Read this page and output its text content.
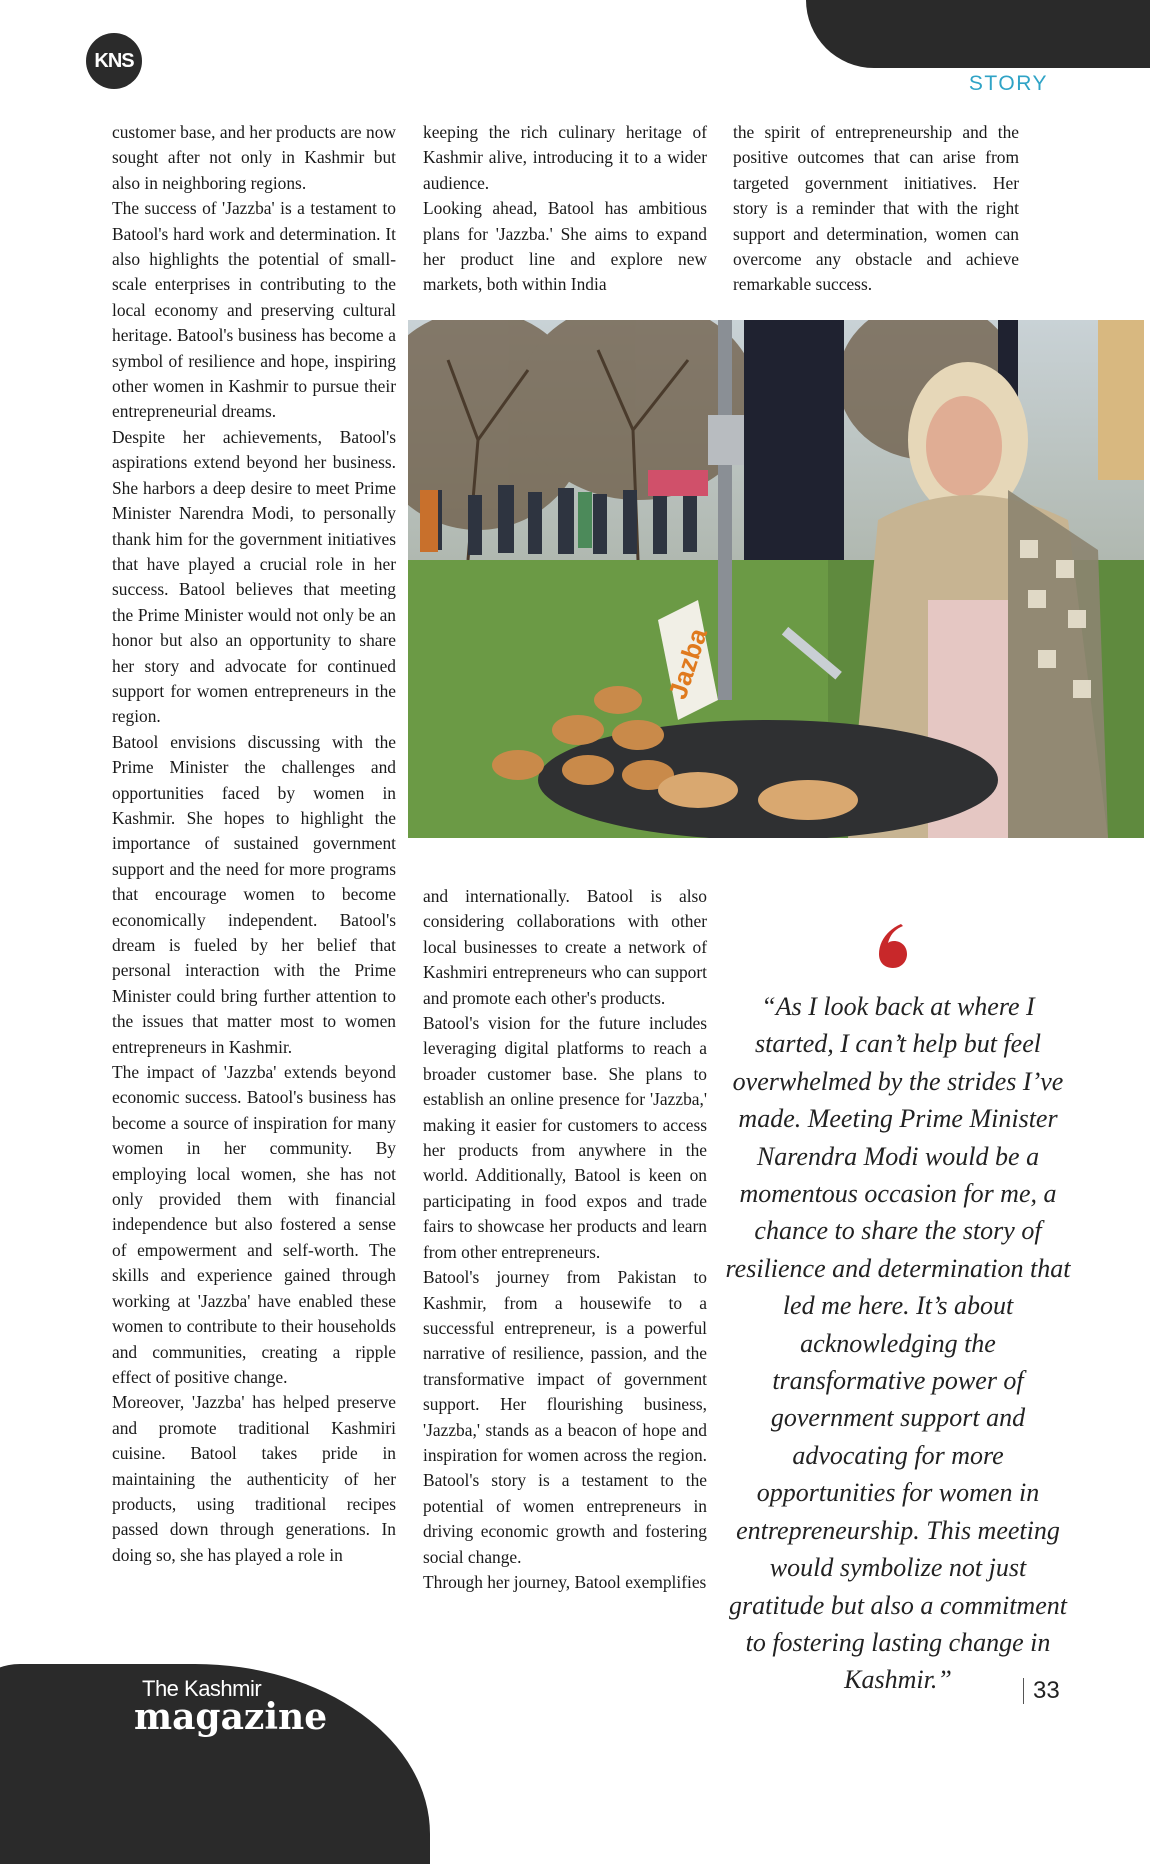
KNS
STORY

customer base, and her products are now sought after not only in Kashmir but also in neighboring regions.

The success of 'Jazzba' is a testament to Batool's hard work and determination. It also highlights the potential of small-scale enterprises in contributing to the local economy and preserving cultural heritage. Batool's business has become a symbol of resilience and hope, inspiring other women in Kashmir to pursue their entrepreneurial dreams.

Despite her achievements, Batool's aspirations extend beyond her business. She harbors a deep desire to meet Prime Minister Narendra Modi, to personally thank him for the government initiatives that have played a crucial role in her success. Batool believes that meeting the Prime Minister would not only be an honor but also an opportunity to share her story and advocate for continued support for women entrepreneurs in the region.

Batool envisions discussing with the Prime Minister the challenges and opportunities faced by women in Kashmir. She hopes to highlight the importance of sustained government support and the need for more programs that encourage women to become economically independent. Batool's dream is fueled by her belief that personal interaction with the Prime Minister could bring further attention to the issues that matter most to women entrepreneurs in Kashmir.

The impact of 'Jazzba' extends beyond economic success. Batool's business has become a source of inspiration for many women in her community. By employing local women, she has not only provided them with financial independence but also fostered a sense of empowerment and self-worth. The skills and experience gained through working at 'Jazzba' have enabled these women to contribute to their households and communities, creating a ripple effect of positive change.

Moreover, 'Jazzba' has helped preserve and promote traditional Kashmiri cuisine. Batool takes pride in maintaining the authenticity of her products, using traditional recipes passed down through generations. In doing so, she has played a role in

keeping the rich culinary heritage of Kashmir alive, introducing it to a wider audience.

Looking ahead, Batool has ambitious plans for 'Jazzba.' She aims to expand her product line and explore new markets, both within India

the spirit of entrepreneurship and the positive outcomes that can arise from targeted government initiatives. Her story is a reminder that with the right support and determination, women can overcome any obstacle and achieve remarkable success.

Jazba

and internationally. Batool is also considering collaborations with other local businesses to create a network of Kashmiri entrepreneurs who can support and promote each other's products.

Batool's vision for the future includes leveraging digital platforms to reach a broader customer base. She plans to establish an online presence for 'Jazzba,' making it easier for customers to access her products from anywhere in the world. Additionally, Batool is keen on participating in food expos and trade fairs to showcase her products and learn from other entrepreneurs.

Batool's journey from Pakistan to Kashmir, from a housewife to a successful entrepreneur, is a powerful narrative of resilience, passion, and the transformative impact of government support. Her flourishing business, 'Jazzba,' stands as a beacon of hope and inspiration for women across the region. Batool's story is a testament to the potential of women entrepreneurs in driving economic growth and fostering social change.

Through her journey, Batool exemplifies

“As I look back at where I started, I can’t help but feel overwhelmed by the strides I’ve made. Meeting Prime Minister Narendra Modi would be a momentous occasion for me, a chance to share the story of resilience and determination that led me here. It’s about acknowledging the transformative power of government support and advocating for more opportunities for women in entrepreneurship. This meeting would symbolize not just gratitude but also a commitment to fostering lasting change in Kashmir.”
The Kashmir
magazine
33
